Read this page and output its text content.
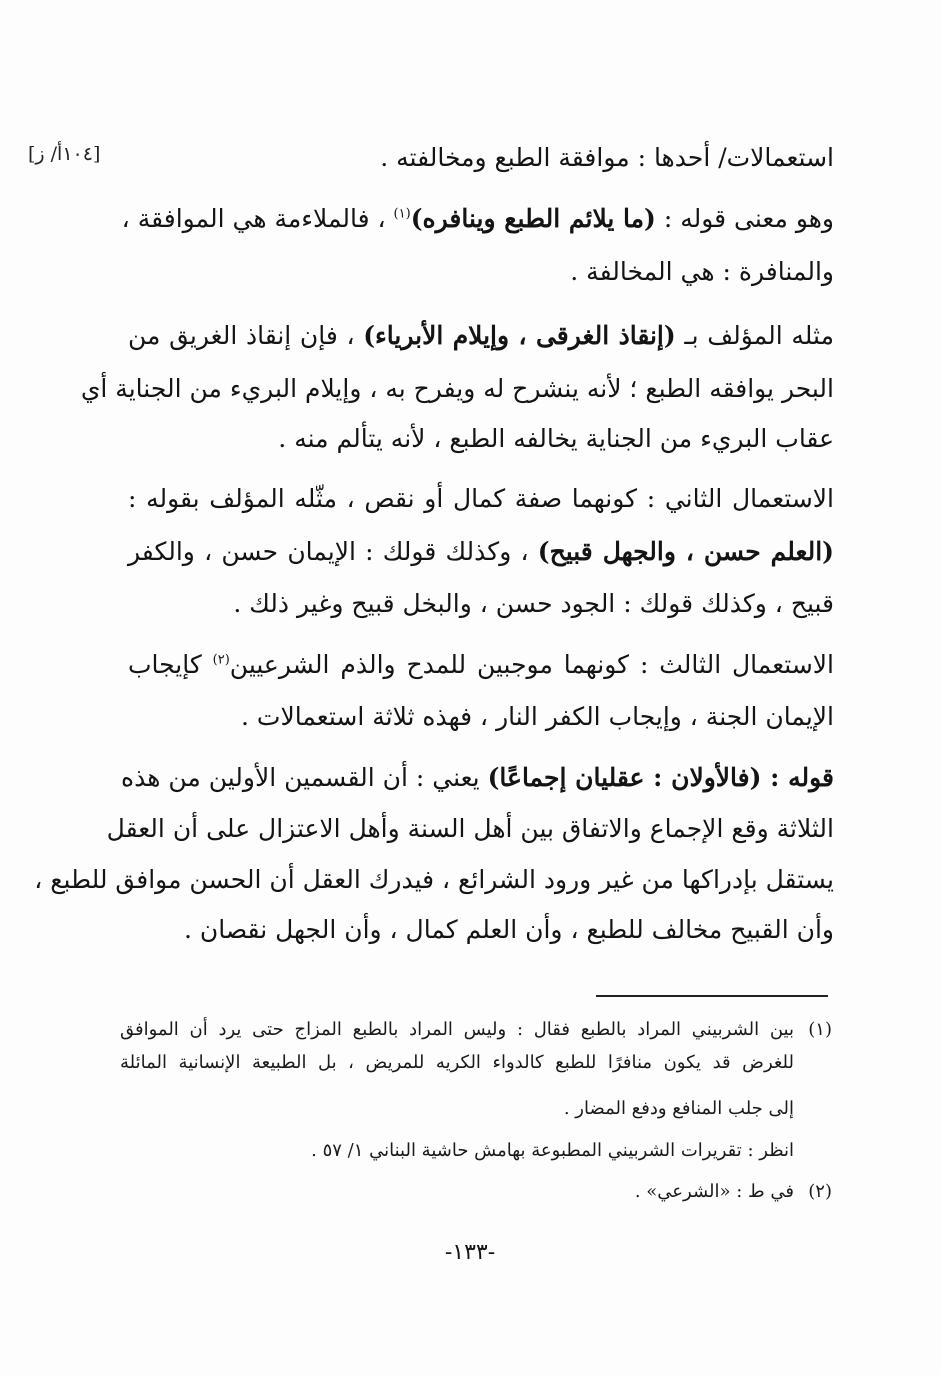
[١٠٤أ/ ز]	استعمالات/ أحدها : موافقة الطبع ومخالفته .
وهو معنى قوله : (ما يلائم الطبع وينافره)$^{(١)}$ ، فالملاءمة هي الموافقة ،
والمنافرة : هي المخالفة .
مثله المؤلف بـ (إنقاذ الغرقى ، وإيلام الأبرياء) ، فإن إنقاذ الغريق من
البحر يوافقه الطبع ؛ لأنه ينشرح له ويفرح به ، وإيلام البريء من الجناية أي
عقاب البريء من الجناية يخالفه الطبع ، لأنه يتألم منه .
الاستعمال الثاني : كونهما صفة كمال أو نقص ، مثّله المؤلف بقوله :
(العلم حسن ، والجهل قبيح) ، وكذلك قولك : الإيمان حسن ، والكفر
قبيح ، وكذلك قولك : الجود حسن ، والبخل قبيح وغير ذلك .
الاستعمال الثالث : كونهما موجبين للمدح والذم الشرعيين$^{(٢)}$ كإيجاب
الإيمان الجنة ، وإيجاب الكفر النار ، فهذه ثلاثة استعمالات .
قوله : (فالأولان : عقليان إجماعًا) يعني : أن القسمين الأولين من هذه
الثلاثة وقع الإجماع والاتفاق بين أهل السنة وأهل الاعتزال على أن العقل
يستقل بإدراكها من غير ورود الشرائع ، فيدرك العقل أن الحسن موافق للطبع ،
وأن القبيح مخالف للطبع ، وأن العلم كمال ، وأن الجهل نقصان .
(١)بين الشربيني المراد بالطبع فقال : وليس المراد بالطبع المزاج حتى يرد أن الموافق
للغرض قد يكون منافرًا للطبع كالدواء الكريه للمريض ، بل الطبيعة الإنسانية المائلة
إلى جلب المنافع ودفع المضار .
انظر : تقريرات الشربيني المطبوعة بهامش حاشية البناني ١/ ٥٧ .
(٢)في ط : «الشرعي» .
-١٣٣-
